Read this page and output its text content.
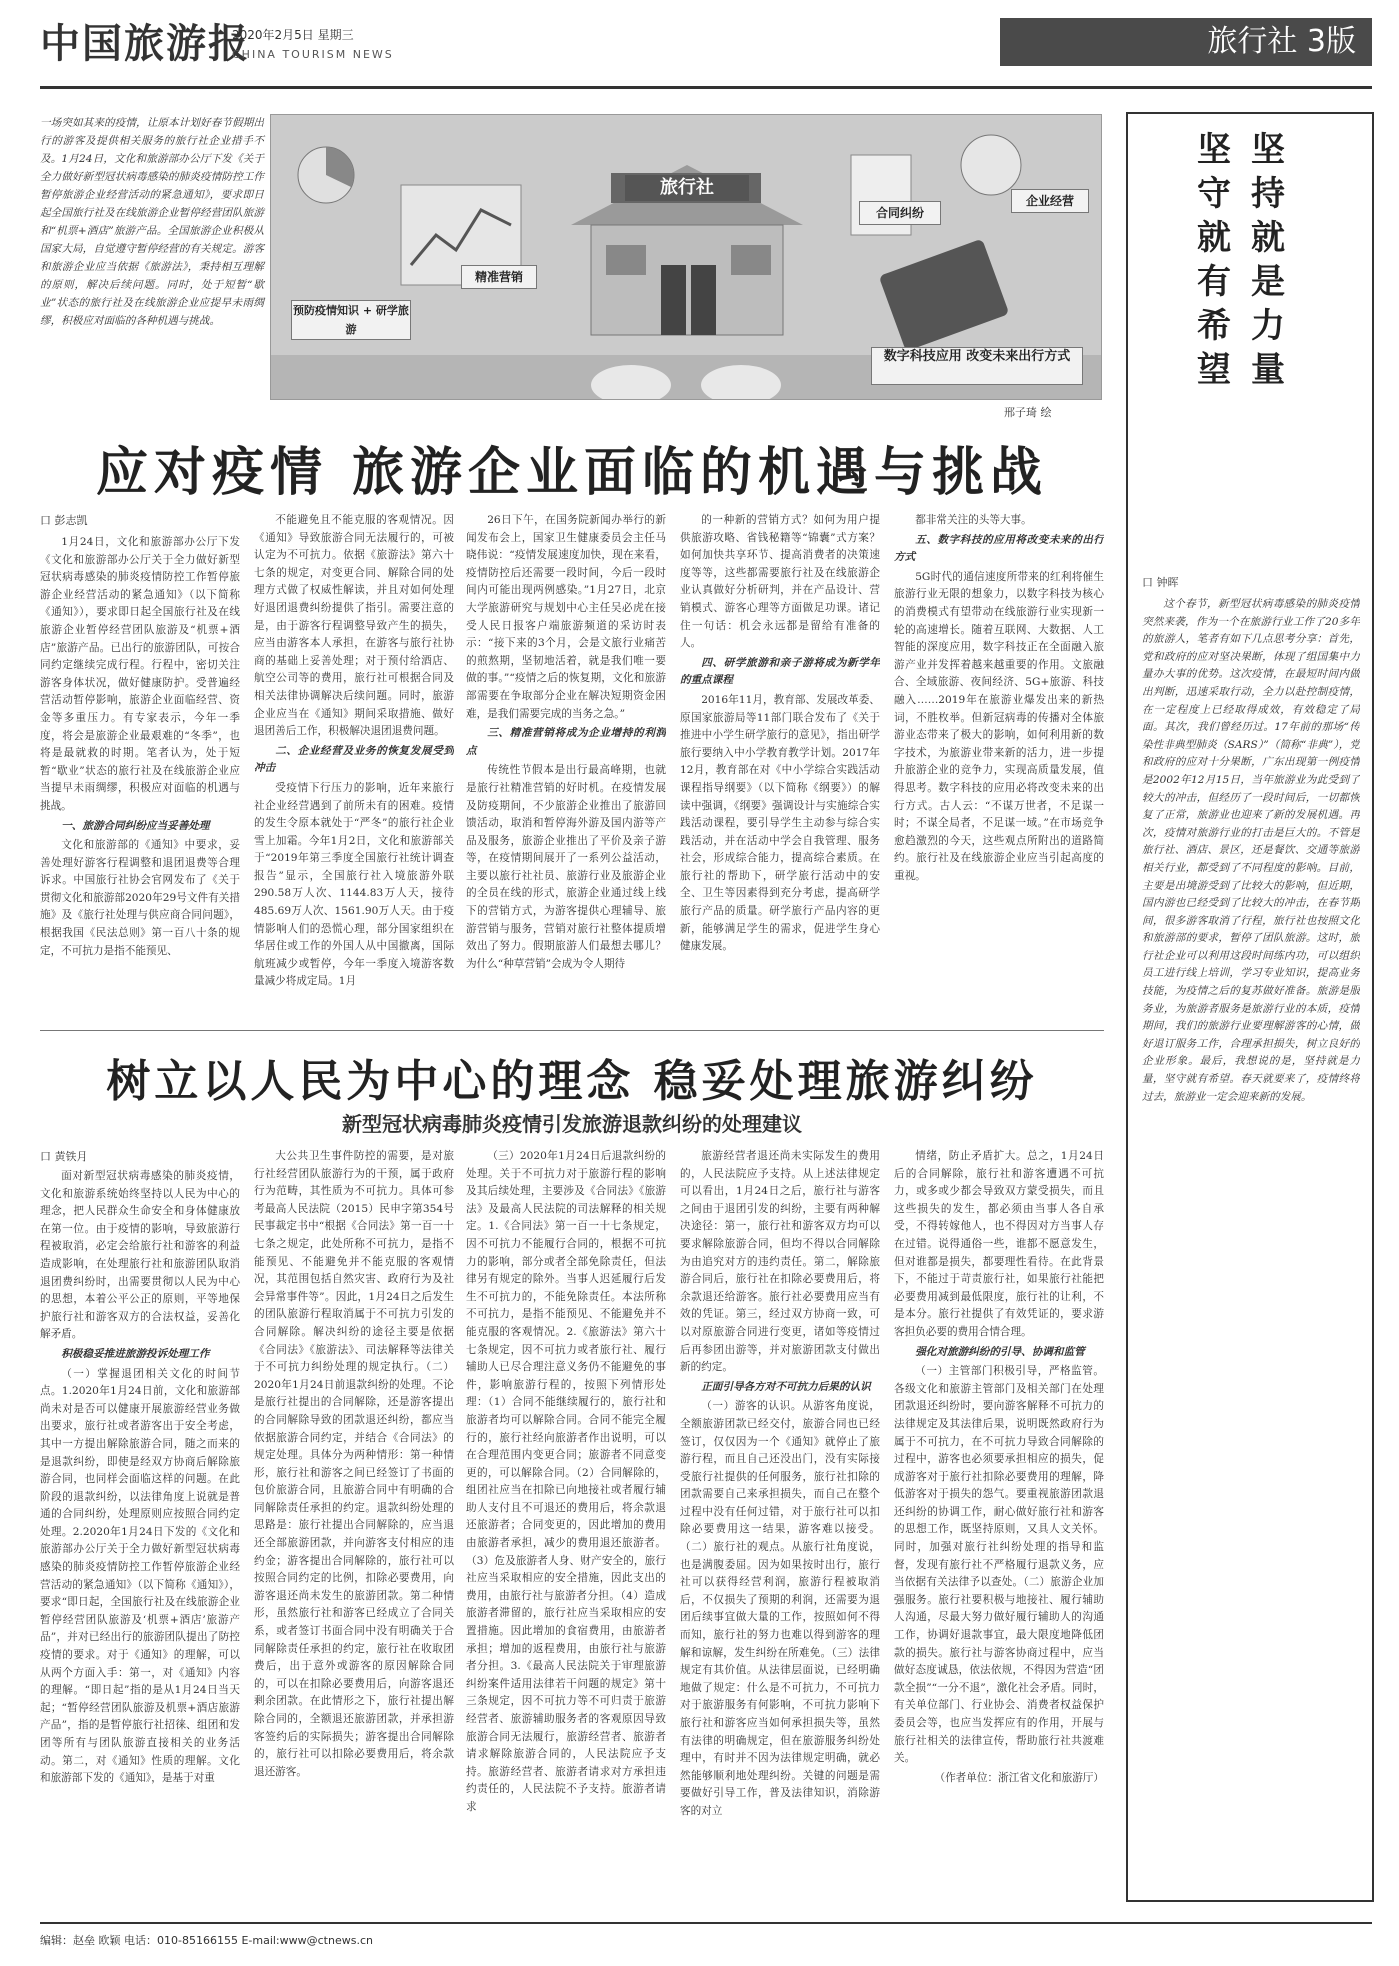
中国旅游报
2020年2月5日 星期三
CHINA TOURISM NEWS	旅行社 3版
一场突如其来的疫情，让原本计划好春节假期出行的游客及提供相关服务的旅行社企业措手不及。1月24日，文化和旅游部办公厅下发《关于全力做好新型冠状病毒感染的肺炎疫情防控工作暂停旅游企业经营活动的紧急通知》，要求即日起全国旅行社及在线旅游企业暂停经营团队旅游和“机票+酒店”旅游产品。全国旅游企业积极从国家大局，自觉遵守暂停经营的有关规定。游客和旅游企业应当依据《旅游法》，秉持相互理解的原则，解决后续问题。同时，处于短暂“歇业”状态的旅行社及在线旅游企业应提早未雨绸缪，积极应对面临的各种机遇与挑战。
旅行社
预防疫情知识 + 研学旅游
精准营销
合同纠纷
企业经营
数字科技应用 改变未来出行方式
邢子琦 绘
应对疫情 旅游企业面临的机遇与挑战
口 彭志凯

1月24日，文化和旅游部办公厅下发《文化和旅游部办公厅关于全力做好新型冠状病毒感染的肺炎疫情防控工作暂停旅游企业经营活动的紧急通知》（以下简称《通知》），要求即日起全国旅行社及在线旅游企业暂停经营团队旅游及“机票+酒店”旅游产品。已出行的旅游团队，可按合同约定继续完成行程。行程中，密切关注游客身体状况，做好健康防护。受普遍经营活动暂停影响，旅游企业面临经营、资金等多重压力。有专家表示，今年一季度，将会是旅游企业最艰难的“冬季”，也将是最就救的时期。笔者认为，处于短暂“歇业”状态的旅行社及在线旅游企业应当提早未雨绸缪，积极应对面临的机遇与挑战。

一、旅游合同纠纷应当妥善处理

文化和旅游部的《通知》中要求，妥善处理好游客行程调整和退团退费等合理诉求。中国旅行社协会官网发布了《关于贯彻文化和旅游部2020年29号文件有关措施》及《旅行社处理与供应商合同问题》，根据我国《民法总则》第一百八十条的规定，不可抗力是指不能预见、

不能避免且不能克服的客观情况。因《通知》导致旅游合同无法履行的，可被认定为不可抗力。依据《旅游法》第六十七条的规定，对变更合同、解除合同的处理方式做了权威性解读，并且对如何处理好退团退费纠纷提供了指引。需要注意的是，由于游客行程调整导致产生的损失，应当由游客本人承担，在游客与旅行社协商的基础上妥善处理；对于预付给酒店、航空公司等的费用，旅行社可根据合同及相关法律协调解决后续问题。同时，旅游企业应当在《通知》期间采取措施、做好退团善后工作，积极解决退团退费问题。

二、企业经营及业务的恢复发展受到冲击

受疫情下行压力的影响，近年来旅行社企业经营遇到了前所未有的困难。疫情的发生令原本就处于“严冬”的旅行社企业雪上加霜。今年1月2日，文化和旅游部关于“2019年第三季度全国旅行社统计调查报告”显示，全国旅行社入境旅游外联290.58万人次、1144.83万人天，接待485.69万人次、1561.90万人天。由于疫情影响人们的恐慌心理，部分国家组织在华居住或工作的外国人从中国撤离，国际航班减少或暂停，今年一季度入境游客数量减少将成定局。1月

26日下午，在国务院新闻办举行的新闻发布会上，国家卫生健康委员会主任马晓伟说：“疫情发展速度加快，现在来看，疫情防控后还需要一段时间，今后一段时间内可能出现两例感染。”1月27日，北京大学旅游研究与规划中心主任吴必虎在接受人民日报客户端旅游频道的采访时表示：“接下来的3个月，会是文旅行业痛苦的煎熬期，坚韧地活着，就是我们唯一要做的事。”“疫情之后的恢复期，文化和旅游部需要在争取部分企业在解决短期资金困难，是我们需要完成的当务之急。”

三、精准营销将成为企业增持的利润点

传统性节假本是出行最高峰期，也就是旅行社精准营销的好时机。在疫情发展及防疫期间，不少旅游企业推出了旅游回馈活动，取消和暂停海外游及国内游等产品及服务，旅游企业推出了平价及亲子游等，在疫情期间展开了一系列公益活动，主要以旅行社社员、旅游行业及旅游企业的全员在线的形式，旅游企业通过线上线下的营销方式，为游客提供心理辅导、旅游营销与服务，营销对旅行社整体提质增效出了努力。假期旅游人们最想去哪儿？为什么“种草营销”会成为令人期待

的一种新的营销方式？如何为用户提供旅游攻略、省钱秘籍等“锦囊”式方案？如何加快共享环节、提高消费者的决策速度等等，这些都需要旅行社及在线旅游企业认真做好分析研判，并在产品设计、营销模式、游客心理等方面做足功课。诸记住一句话：机会永远都是留给有准备的人。

四、研学旅游和亲子游将成为新学年的重点课程

2016年11月，教育部、发展改革委、原国家旅游局等11部门联合发布了《关于推进中小学生研学旅行的意见》，指出研学旅行要纳入中小学教育教学计划。2017年12月，教育部在对《中小学综合实践活动课程指导纲要》（以下简称《纲要》）的解读中强调，《纲要》强调设计与实施综合实践活动课程，要引导学生主动参与综合实践活动，并在活动中学会自我管理、服务社会，形成综合能力，提高综合素质。在旅行社的帮助下，研学旅行活动中的安全、卫生等因素得到充分考虑，提高研学旅行产品的质量。研学旅行产品内容的更新，能够满足学生的需求，促进学生身心健康发展。

都非常关注的头等大事。

五、数字科技的应用将改变未来的出行方式

5G时代的通信速度所带来的红利将催生旅游行业无限的想象力，以数字科技为核心的消费模式有望带动在线旅游行业实现新一轮的高速增长。随着互联网、大数据、人工智能的深度应用，数字科技正在全面融入旅游产业并发挥着越来越重要的作用。文旅融合、全域旅游、夜间经济、5G+旅游、科技融入……2019年在旅游业爆发出来的新热词，不胜枚举。但新冠病毒的传播对全体旅游业态带来了极大的影响，如何利用新的数字技术，为旅游业带来新的活力，进一步提升旅游企业的竞争力，实现高质量发展，值得思考。数字科技的应用必将改变未来的出行方式。古人云：“不谋万世者，不足谋一时；不谋全局者，不足谋一域。”在市场竞争愈趋激烈的今天，这些观点所附出的道路简约。旅行社及在线旅游企业应当引起高度的重视。

树立以人民为中心的理念 稳妥处理旅游纠纷
新型冠状病毒肺炎疫情引发旅游退款纠纷的处理建议
口 黄铁月

面对新型冠状病毒感染的肺炎疫情，文化和旅游系统始终坚持以人民为中心的理念，把人民群众生命安全和身体健康放在第一位。由于疫情的影响，导致旅游行程被取消，必定会给旅行社和游客的利益造成影响，在处理旅行社和旅游团队取消退团费纠纷时，出需要贯彻以人民为中心的思想，本着公平公正的原则，平等地保护旅行社和游客双方的合法权益，妥善化解矛盾。

积极稳妥推进旅游投诉处理工作

（一）掌握退团相关文化的时间节点。1.2020年1月24日前，文化和旅游部尚未对是否可以健康开展旅游经营业务做出要求，旅行社或者游客出于安全考虑，其中一方提出解除旅游合同，随之而来的是退款纠纷，即使是经双方协商后解除旅游合同，也同样会面临这样的问题。在此阶段的退款纠纷，以法律角度上说就是普通的合同纠纷，处理原则应按照合同约定处理。2.2020年1月24日下发的《文化和旅游部办公厅关于全力做好新型冠状病毒感染的肺炎疫情防控工作暂停旅游企业经营活动的紧急通知》（以下简称《通知》），要求“即日起，全国旅行社及在线旅游企业暂停经营团队旅游及‘机票+酒店’旅游产品”，并对已经出行的旅游团队提出了防控疫情的要求。对于《通知》的理解，可以从两个方面入手：第一，对《通知》内容的理解。“即日起”指的是从1月24日当天起；“暂停经营团队旅游及机票+酒店旅游产品”，指的是暂停旅行社招徕、组团和发团等所有与团队旅游直接相关的业务活动。第二，对《通知》性质的理解。文化和旅游部下发的《通知》，是基于对重

大公共卫生事件防控的需要，是对旅行社经营团队旅游行为的干预，属于政府行为范畴，其性质为不可抗力。具体可参考最高人民法院（2015）民申字第354号民事裁定书中“根据《合同法》第一百一十七条之规定，此处所称不可抗力，是指不能预见、不能避免并不能克服的客观情况，其范围包括自然灾害、政府行为及社会异常事件等”。因此，1月24日之后发生的团队旅游行程取消属于不可抗力引发的合同解除。解决纠纷的途径主要是依据《合同法》《旅游法》、司法解释等法律关于不可抗力纠纷处理的规定执行。（二）2020年1月24日前退款纠纷的处理。不论是旅行社提出的合同解除，还是游客提出的合同解除导致的团款退还纠纷，都应当依据旅游合同约定，并结合《合同法》的规定处理。具体分为两种情形：第一种情形，旅行社和游客之间已经签订了书面的包价旅游合同，且旅游合同中有明确的合同解除责任承担的约定。退款纠纷处理的思路是：旅行社提出合同解除的，应当退还全部旅游团款，并向游客支付相应的违约金；游客提出合同解除的，旅行社可以按照合同约定的比例，扣除必要费用，向游客退还尚未发生的旅游团款。第二种情形，虽然旅行社和游客已经成立了合同关系，或者签订书面合同中没有明确关于合同解除责任承担的约定，旅行社在收取团费后，出于意外或游客的原因解除合同的，可以在扣除必要费用后，向游客退还剩余团款。在此情形之下，旅行社提出解除合同的，全额退还旅游团款，并承担游客签约后的实际损失；游客提出合同解除的，旅行社可以扣除必要费用后，将余款退还游客。

（三）2020年1月24日后退款纠纷的处理。关于不可抗力对于旅游行程的影响及其后续处理，主要涉及《合同法》《旅游法》及最高人民法院的司法解释的相关规定。1.《合同法》第一百一十七条规定，因不可抗力不能履行合同的，根据不可抗力的影响，部分或者全部免除责任，但法律另有规定的除外。当事人迟延履行后发生不可抗力的，不能免除责任。本法所称不可抗力，是指不能预见、不能避免并不能克服的客观情况。2.《旅游法》第六十七条规定，因不可抗力或者旅行社、履行辅助人已尽合理注意义务仍不能避免的事件，影响旅游行程的，按照下列情形处理：（1）合同不能继续履行的，旅行社和旅游者均可以解除合同。合同不能完全履行的，旅行社经向旅游者作出说明，可以在合理范围内变更合同；旅游者不同意变更的，可以解除合同。（2）合同解除的，组团社应当在扣除已向地接社或者履行辅助人支付且不可退还的费用后，将余款退还旅游者；合同变更的，因此增加的费用由旅游者承担，减少的费用退还旅游者。（3）危及旅游者人身、财产安全的，旅行社应当采取相应的安全措施，因此支出的费用，由旅行社与旅游者分担。（4）造成旅游者滞留的，旅行社应当采取相应的安置措施。因此增加的食宿费用，由旅游者承担；增加的返程费用，由旅行社与旅游者分担。3.《最高人民法院关于审理旅游纠纷案件适用法律若干问题的规定》第十三条规定，因不可抗力等不可归责于旅游经营者、旅游辅助服务者的客观原因导致旅游合同无法履行，旅游经营者、旅游者请求解除旅游合同的，人民法院应予支持。旅游经营者、旅游者请求对方承担违约责任的，人民法院不予支持。旅游者请求

旅游经营者退还尚未实际发生的费用的，人民法院应予支持。从上述法律规定可以看出，1月24日之后，旅行社与游客之间由于退团引发的纠纷，主要有两种解决途径：第一，旅行社和游客双方均可以要求解除旅游合同，但均不得以合同解除为由追究对方的违约责任。第二，解除旅游合同后，旅行社在扣除必要费用后，将余款退还给游客。旅行社必要费用应当有效的凭证。第三，经过双方协商一致，可以对原旅游合同进行变更，诸如等疫情过后再参团出游等，并对旅游团款支付做出新的约定。

正面引导各方对不可抗力后果的认识

（一）游客的认识。从游客角度说，全额旅游团款已经交付，旅游合同也已经签订，仅仅因为一个《通知》就停止了旅游行程，而且自己还没出门，没有实际接受旅行社提供的任何服务，旅行社扣除的团款需要自己来承担损失，而自己在整个过程中没有任何过错，对于旅行社可以扣除必要费用这一结果，游客难以接受。（二）旅行社的观点。从旅行社角度说，也是满腹委屈。因为如果按时出行，旅行社可以获得经营利润，旅游行程被取消后，不仅损失了预期的利润，还需要为退团后续事宜做大量的工作，按照如何不得而知，旅行社的努力也难以得到游客的理解和谅解，发生纠纷在所难免。（三）法律规定有其价值。从法律层面说，已经明确地做了规定：什么是不可抗力，不可抗力对于旅游服务有何影响，不可抗力影响下旅行社和游客应当如何承担损失等，虽然有法律的明确规定，但在旅游服务纠纷处理中，有时并不因为法律规定明确，就必然能够顺利地处理纠纷。关键的问题是需要做好引导工作，普及法律知识，消除游客的对立

情绪，防止矛盾扩大。总之，1月24日后的合同解除，旅行社和游客遭遇不可抗力，或多或少都会导致双方蒙受损失，而且这些损失的发生，都必须由当事人各自承受，不得转嫁他人，也不得因对方当事人存在过错。说得通俗一些，谁都不愿意发生，但对谁都是损失，都要理性看待。在此背景下，不能过于苛责旅行社，如果旅行社能把必要费用减到最低限度，旅行社的让利，不是本分。旅行社提供了有效凭证的，要求游客担负必要的费用合情合理。

强化对旅游纠纷的引导、协调和监管

（一）主管部门积极引导，严格监管。各级文化和旅游主管部门及相关部门在处理团款退还纠纷时，要向游客解释不可抗力的法律规定及其法律后果，说明既然政府行为属于不可抗力，在不可抗力导致合同解除的过程中，游客也必须要承担相应的损失，促成游客对于旅行社扣除必要费用的理解，降低游客对于损失的怨气。要重视旅游团款退还纠纷的协调工作，耐心做好旅行社和游客的思想工作，既坚持原则，又具人文关怀。同时，加强对旅行社纠纷处理的指导和监督，发现有旅行社不严格履行退款义务，应当依据有关法律予以查处。（二）旅游企业加强服务。旅行社要积极与地接社、履行辅助人沟通，尽最大努力做好履行辅助人的沟通工作，协调好退款事宜，最大限度地降低团款的损失。旅行社与游客协商过程中，应当做好态度诚恳，依法依规，不得因为营造“团款全损”“一分不退”，激化社会矛盾。同时，有关单位部门、行业协会、消费者权益保护委员会等，也应当发挥应有的作用，开展与旅行社相关的法律宣传，帮助旅行社共渡难关。

（作者单位：浙江省文化和旅游厅）

坚持就是力量
坚守就有希望
口 钟晖

这个春节，新型冠状病毒感染的肺炎疫情突然来袭，作为一个在旅游行业工作了20多年的旅游人，笔者有如下几点思考分享：首先，党和政府的应对坚决果断，体现了组国集中力量办大事的优势。这次疫情，在最短时间内做出判断，迅速采取行动，全力以赴控制疫情，在一定程度上已经取得成效，有效稳定了局面。其次，我们曾经历过。17年前的那场“传染性非典型肺炎（SARS）”（简称“非典”），党和政府的应对十分果断，广东出现第一例疫情是2002年12月15日，当年旅游业为此受到了较大的冲击，但经历了一段时间后，一切都恢复了正常，旅游业也迎来了新的发展机遇。再次，疫情对旅游行业的打击是巨大的。不管是旅行社、酒店、景区，还是餐饮、交通等旅游相关行业，都受到了不同程度的影响。目前，主要是出境游受到了比较大的影响，但近期，国内游也已经受到了比较大的冲击，在春节期间，很多游客取消了行程，旅行社也按照文化和旅游部的要求，暂停了团队旅游。这时，旅行社企业可以利用这段时间练内功，可以组织员工进行线上培训，学习专业知识，提高业务技能，为疫情之后的复苏做好准备。旅游是服务业，为旅游者服务是旅游行业的本质，疫情期间，我们的旅游行业要理解游客的心情，做好退订服务工作，合理承担损失，树立良好的企业形象。最后，我想说的是，坚持就是力量，坚守就有希望。春天就要来了，疫情终将过去，旅游业一定会迎来新的发展。

编辑：赵垒 欧颖 电话：010-85166155 E-mail:www@ctnews.cn
